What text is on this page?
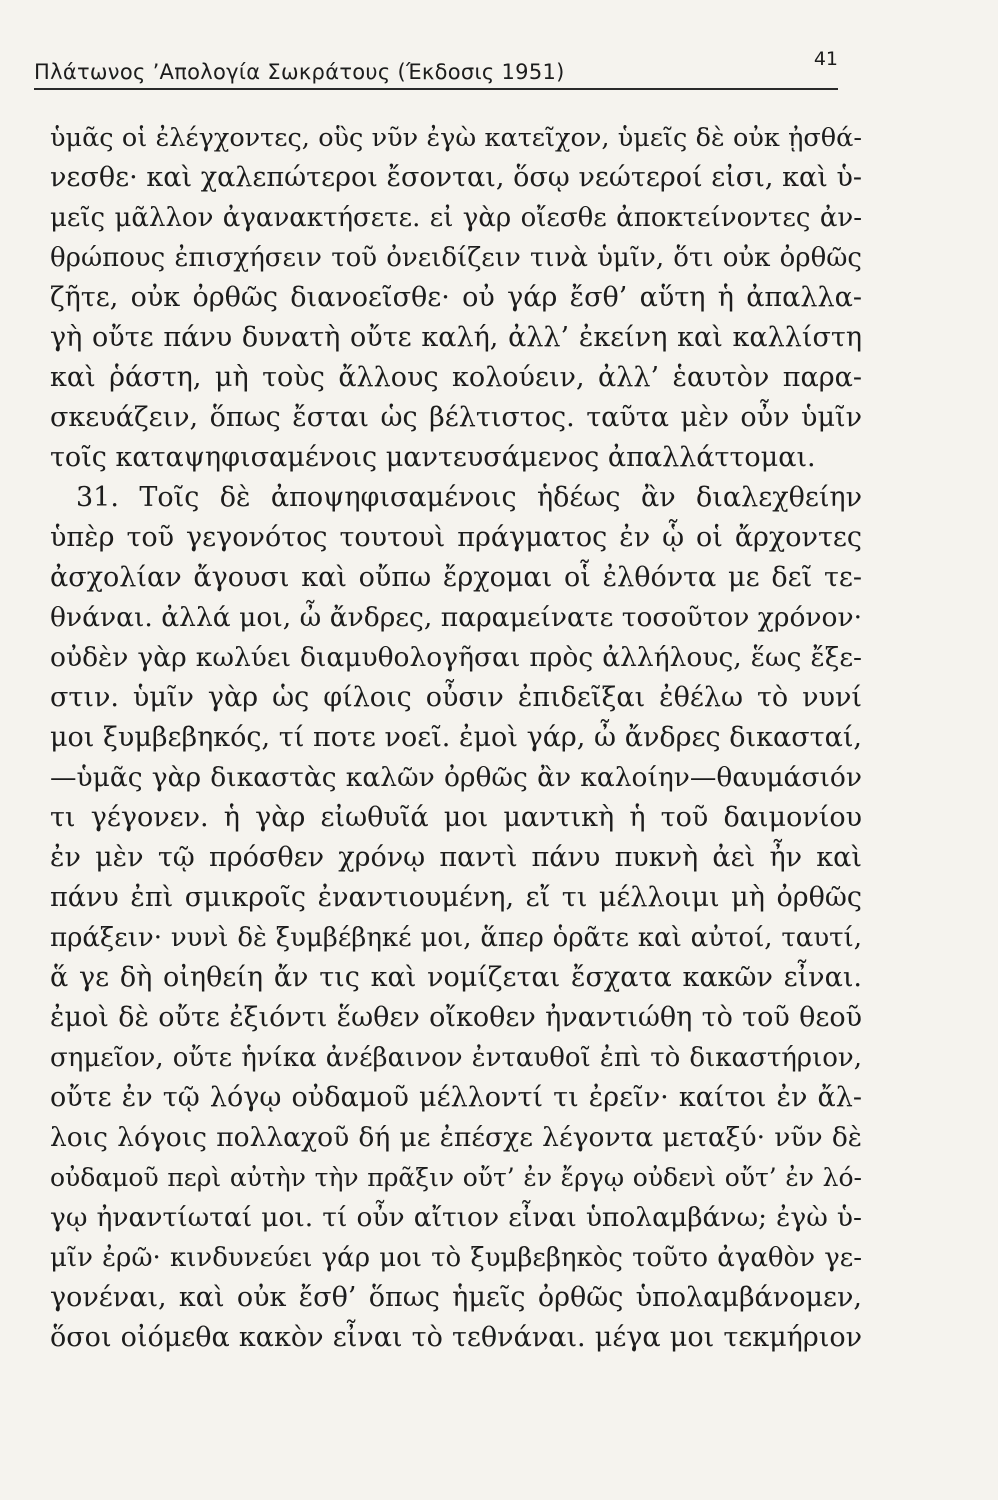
Πλάτωνος ’Απολογία Σωκράτους (Έκδοσις 1951)
41
ὑμᾶς οἱ ἐλέγχοντες, οὓς νῦν ἐγὼ κατεῖχον, ὑμεῖς δὲ οὐκ ᾐσθά-
νεσθε· καὶ χαλεπώτεροι ἔσονται, ὅσῳ νεώτεροί εἰσι, καὶ ὑ-
μεῖς μᾶλλον ἀγανακτήσετε. εἰ γὰρ οἴεσθε ἀποκτείνοντες ἀν-
θρώπους ἐπισχήσειν τοῦ ὀνειδίζειν τινὰ ὑμῖν, ὅτι οὐκ ὀρθῶς
ζῆτε, οὐκ ὀρθῶς διανοεῖσθε· οὐ γάρ ἔσθ’ αὕτη ἡ ἀπαλλα-
γὴ οὔτε πάνυ δυνατὴ οὔτε καλή, ἀλλ’ ἐκείνη καὶ καλλίστη
καὶ ῥάστη, μὴ τοὺς ἄλλους κολούειν, ἀλλ’ ἑαυτὸν παρα-
σκευάζειν, ὅπως ἔσται ὡς βέλτιστος. ταῦτα μὲν οὖν ὑμῖν
τοῖς καταψηφισαμένοις μαντευσάμενος ἀπαλλάττομαι.
31. Τοῖς δὲ ἀποψηφισαμένοις ἡδέως ἂν διαλεχθείην
ὑπὲρ τοῦ γεγονότος τουτουὶ πράγματος ἐν ᾧ οἱ ἄρχοντες
ἀσχολίαν ἄγουσι καὶ οὔπω ἔρχομαι οἷ ἐλθόντα με δεῖ τε-
θνάναι. ἀλλά μοι, ὦ ἄνδρες, παραμείνατε τοσοῦτον χρόνον·
οὐδὲν γὰρ κωλύει διαμυθολογῆσαι πρὸς ἀλλήλους, ἕως ἔξε-
στιν. ὑμῖν γὰρ ὡς φίλοις οὖσιν ἐπιδεῖξαι ἐθέλω τὸ νυνί
μοι ξυμβεβηκός, τί ποτε νοεῖ. ἐμοὶ γάρ, ὦ ἄνδρες δικασταί,
—ὑμᾶς γὰρ δικαστὰς καλῶν ὀρθῶς ἂν καλοίην—θαυμάσιόν
τι γέγονεν. ἡ γὰρ εἰωθυῖά μοι μαντικὴ ἡ τοῦ δαιμονίου
ἐν μὲν τῷ πρόσθεν χρόνῳ παντὶ πάνυ πυκνὴ ἀεὶ ἦν καὶ
πάνυ ἐπὶ σμικροῖς ἐναντιουμένη, εἴ τι μέλλοιμι μὴ ὀρθῶς
πράξειν· νυνὶ δὲ ξυμβέβηκέ μοι, ἅπερ ὁρᾶτε καὶ αὐτοί, ταυτί,
ἅ γε δὴ οἰηθείη ἄν τις καὶ νομίζεται ἔσχατα κακῶν εἶναι.
ἐμοὶ δὲ οὔτε ἐξιόντι ἕωθεν οἴκοθεν ἠναντιώθη τὸ τοῦ θεοῦ
σημεῖον, οὔτε ἡνίκα ἀνέβαινον ἐνταυθοῖ ἐπὶ τὸ δικαστήριον,
οὔτε ἐν τῷ λόγῳ οὐδαμοῦ μέλλοντί τι ἐρεῖν· καίτοι ἐν ἄλ-
λοις λόγοις πολλαχοῦ δή με ἐπέσχε λέγοντα μεταξύ· νῦν δὲ
οὐδαμοῦ περὶ αὐτὴν τὴν πρᾶξιν οὔτ’ ἐν ἔργῳ οὐδενὶ οὔτ’ ἐν λό-
γῳ ἠναντίωταί μοι. τί οὖν αἴτιον εἶναι ὑπολαμβάνω; ἐγὼ ὑ-
μῖν ἐρῶ· κινδυνεύει γάρ μοι τὸ ξυμβεβηκὸς τοῦτο ἀγαθὸν γε-
γονέναι, καὶ οὐκ ἔσθ’ ὅπως ἡμεῖς ὀρθῶς ὑπολαμβάνομεν,
ὅσοι οἰόμεθα κακὸν εἶναι τὸ τεθνάναι. μέγα μοι τεκμήριον
